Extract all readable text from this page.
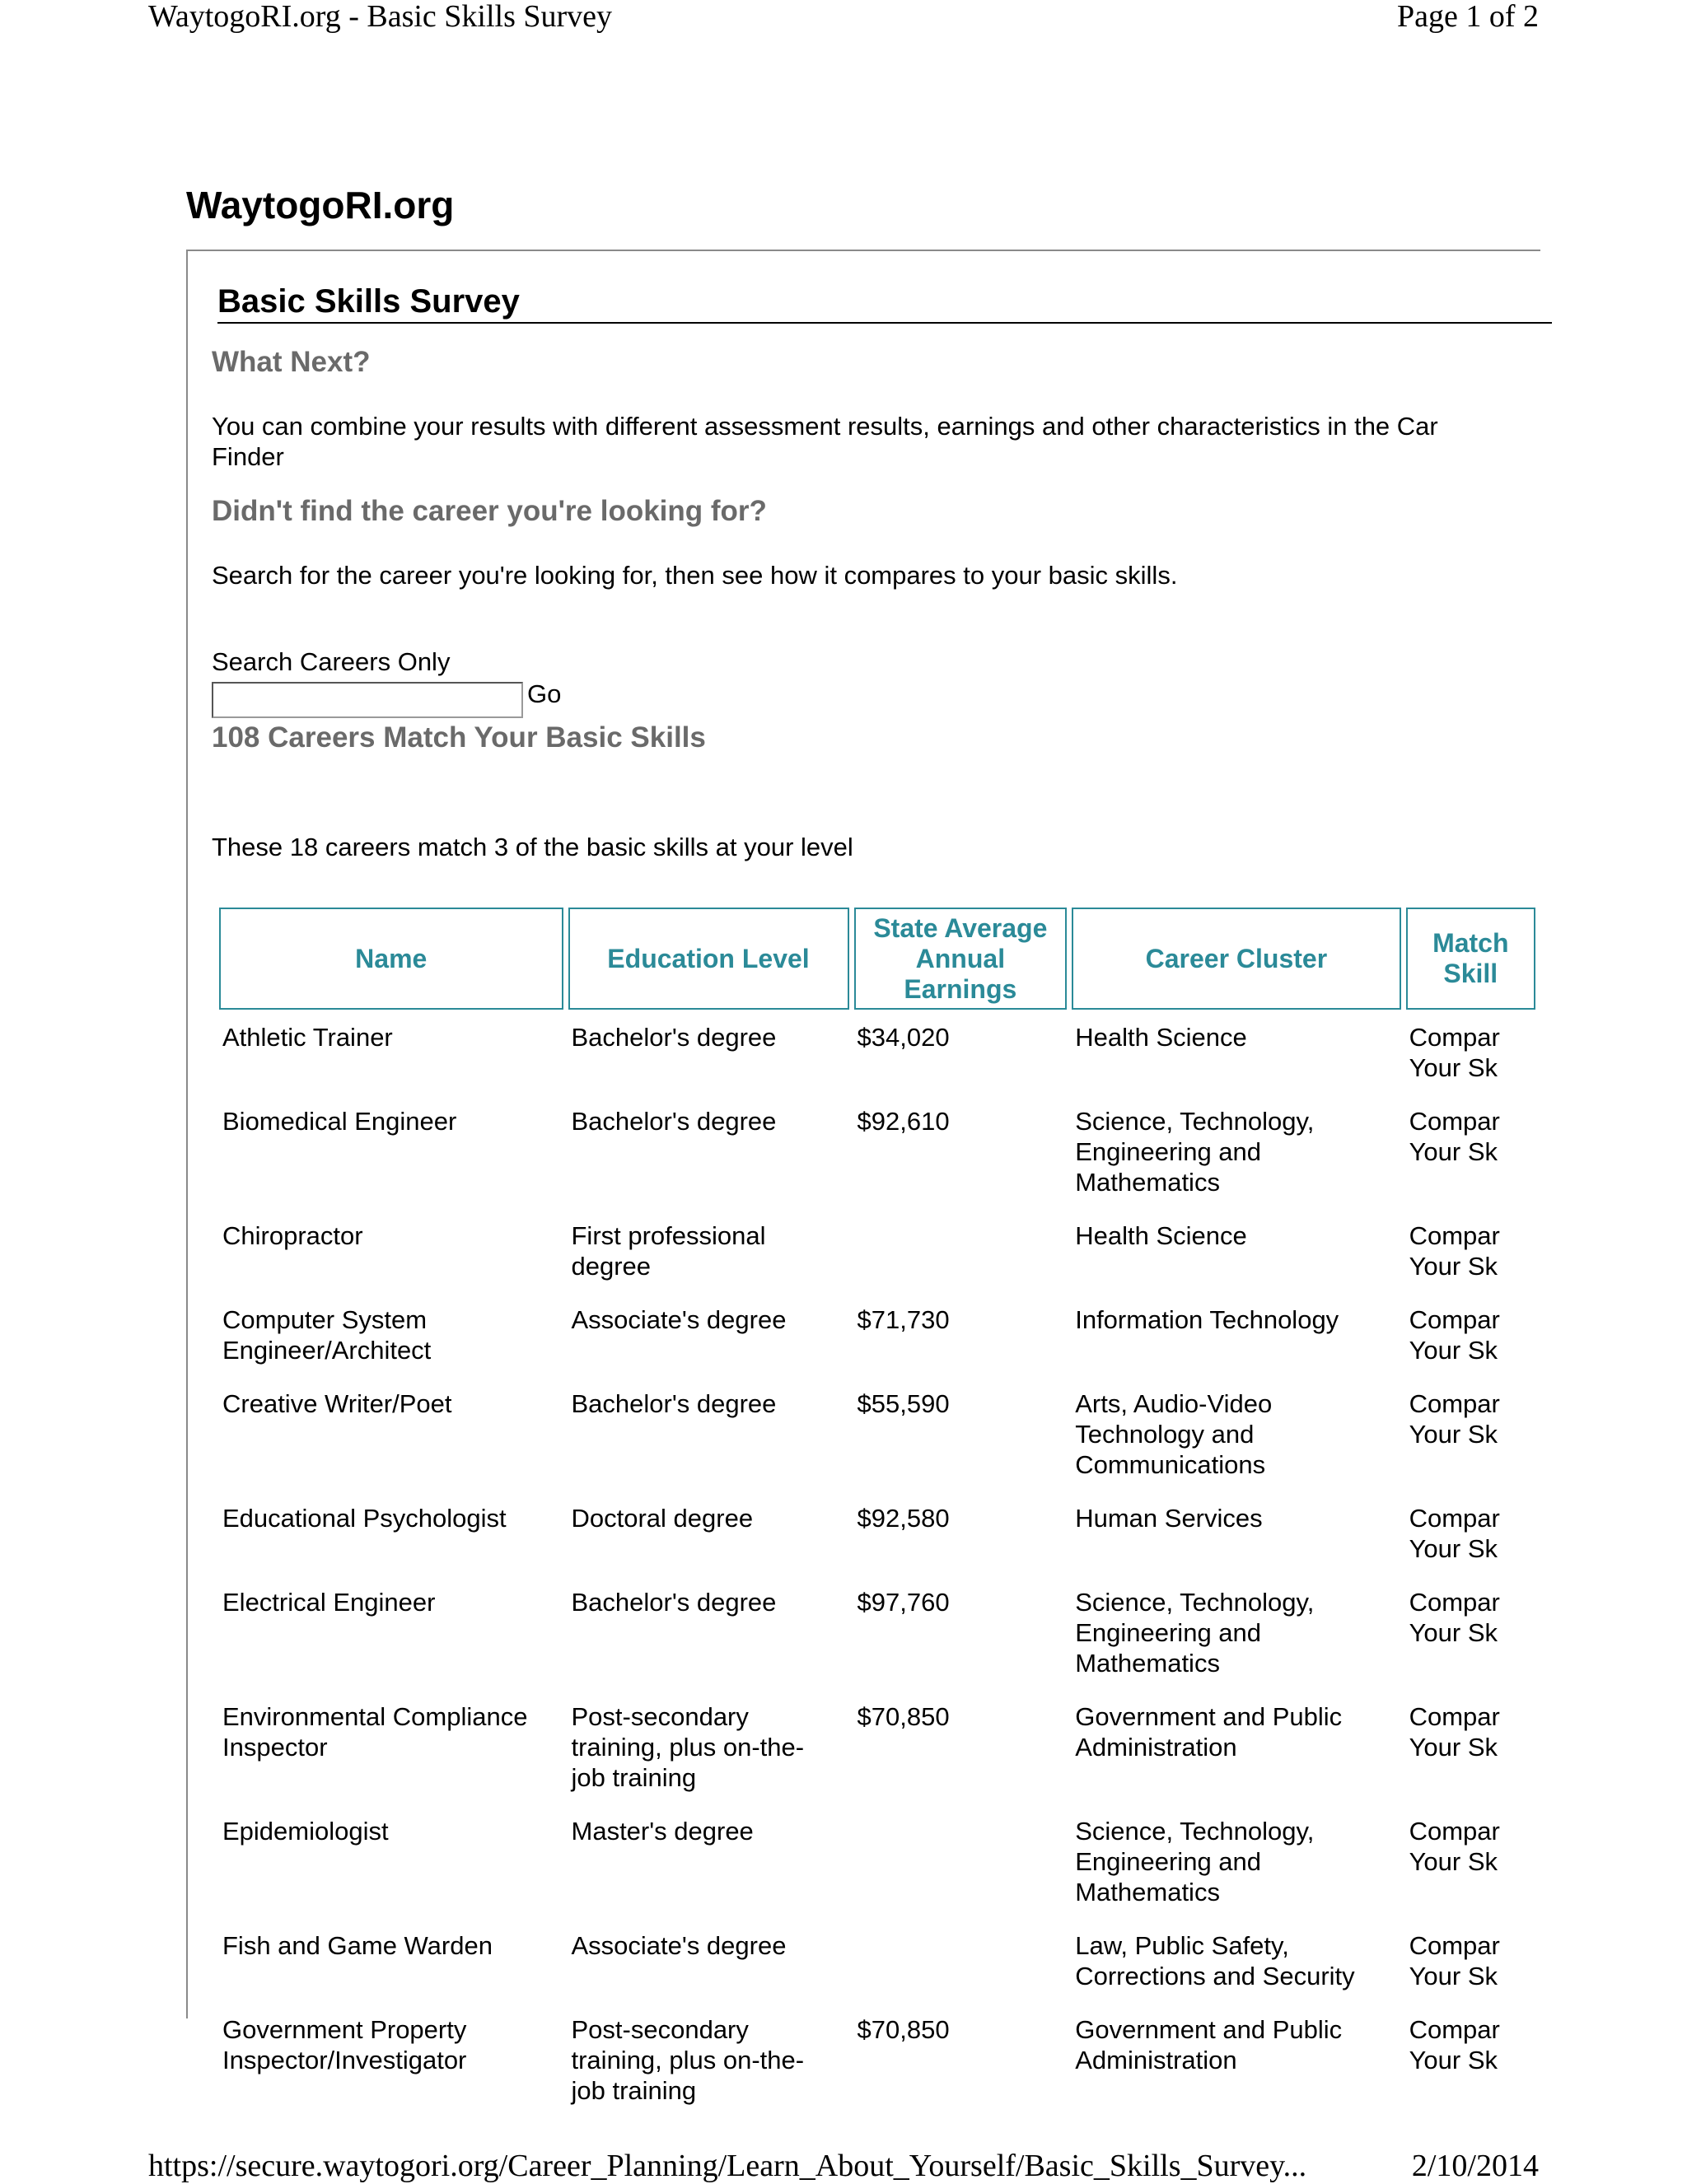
WaytogoRI.org - Basic Skills Survey	Page 1 of 2
WaytogoRI.org
Basic Skills Survey
What Next?

You can combine your results with different assessment results, earnings and other characteristics in the Car

Finder

Didn't find the career you're looking for?

Search for the career you're looking for, then see how it compares to your basic skills.

Search Careers Only
Go
108 Careers Match Your Basic Skills

These 18 careers match 3 of the basic skills at your level

Name	Education Level	State Average
Annual
Earnings	Career Cluster	Match
Skill
Athletic Trainer	Bachelor's degree	$34,020	Health Science	Compar
Your Sk
Biomedical Engineer	Bachelor's degree	$92,610	Science, Technology,
Engineering and
Mathematics	Compar
Your Sk
Chiropractor	First professional
degree		Health Science	Compar
Your Sk
Computer System
Engineer/Architect	Associate's degree	$71,730	Information Technology	Compar
Your Sk
Creative Writer/Poet	Bachelor's degree	$55,590	Arts, Audio-Video
Technology and
Communications	Compar
Your Sk
Educational Psychologist	Doctoral degree	$92,580	Human Services	Compar
Your Sk
Electrical Engineer	Bachelor's degree	$97,760	Science, Technology,
Engineering and
Mathematics	Compar
Your Sk
Environmental Compliance
Inspector	Post-secondary
training, plus on-the-
job training	$70,850	Government and Public
Administration	Compar
Your Sk
Epidemiologist	Master's degree		Science, Technology,
Engineering and
Mathematics	Compar
Your Sk
Fish and Game Warden	Associate's degree		Law, Public Safety,
Corrections and Security	Compar
Your Sk
Government Property
Inspector/Investigator	Post-secondary
training, plus on-the-
job training	$70,850	Government and Public
Administration	Compar
Your Sk
https://secure.waytogori.org/Career_Planning/Learn_About_Yourself/Basic_Skills_Survey...	2/10/2014
